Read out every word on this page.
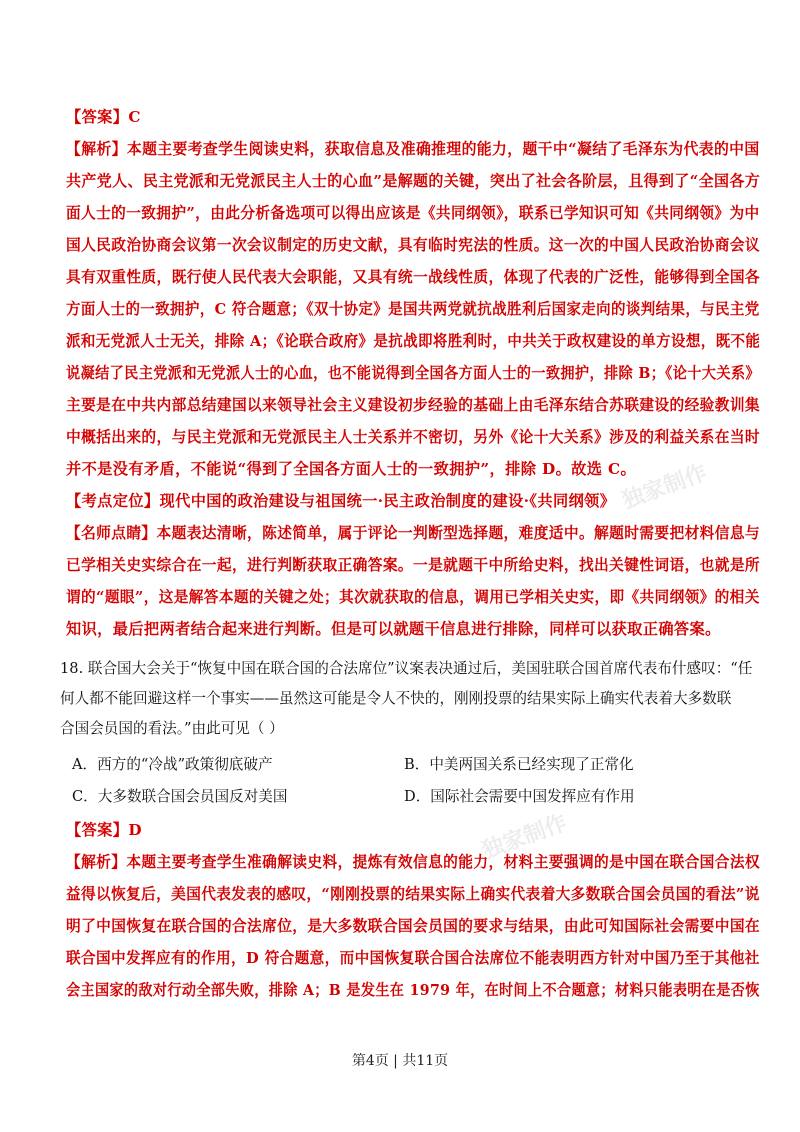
独家制作
独家制作
【答案】C
【解析】本题主要考查学生阅读史料，获取信息及准确推理的能力，题干中“凝结了毛泽东为代表的中国
共产党人、民主党派和无党派民主人士的心血”是解题的关键，突出了社会各阶层，且得到了“全国各方
面人士的一致拥护”，由此分析备选项可以得出应该是《共同纲领》，联系已学知识可知《共同纲领》为中
国人民政治协商会议第一次会议制定的历史文献，具有临时宪法的性质。这一次的中国人民政治协商会议
具有双重性质，既行使人民代表大会职能，又具有统一战线性质，体现了代表的广泛性，能够得到全国各
方面人士的一致拥护，C 符合题意；《双十协定》是国共两党就抗战胜利后国家走向的谈判结果，与民主党
派和无党派人士无关，排除 A；《论联合政府》是抗战即将胜利时，中共关于政权建设的单方设想，既不能
说凝结了民主党派和无党派人士的心血，也不能说得到全国各方面人士的一致拥护，排除 B；《论十大关系》
主要是在中共内部总结建国以来领导社会主义建设初步经验的基础上由毛泽东结合苏联建设的经验教训集
中概括出来的，与民主党派和无党派民主人士关系并不密切，另外《论十大关系》涉及的利益关系在当时
并不是没有矛盾，不能说“得到了全国各方面人士的一致拥护”，排除 D。故选 C。
【考点定位】现代中国的政治建设与祖国统一·民主政治制度的建设·《共同纲领》
【名师点睛】本题表达清晰，陈述简单，属于评论一判断型选择题，难度适中。解题时需要把材料信息与
已学相关史实综合在一起，进行判断获取正确答案。一是就题干中所给史料，找出关键性词语，也就是所
谓的“题眼”，这是解答本题的关键之处；其次就获取的信息，调用已学相关史实，即《共同纲领》的相关
知识，最后把两者结合起来进行判断。但是可以就题干信息进行排除，同样可以获取正确答案。
18. 联合国大会关于“恢复中国在联合国的合法席位”议案表决通过后，美国驻联合国首席代表布什感叹：“任
何人都不能回避这样一个事实——虽然这可能是令人不快的，刚刚投票的结果实际上确实代表着大多数联
合国会员国的看法。”由此可见（ ）
A．西方的“冷战”政策彻底破产	B．中美两国关系已经实现了正常化
C．大多数联合国会员国反对美国	D．国际社会需要中国发挥应有作用
【答案】D
【解析】本题主要考查学生准确解读史料，提炼有效信息的能力，材料主要强调的是中国在联合国合法权
益得以恢复后，美国代表发表的感叹，“刚刚投票的结果实际上确实代表着大多数联合国会员国的看法”说
明了中国恢复在联合国的合法席位，是大多数联合国会员国的要求与结果，由此可知国际社会需要中国在
联合国中发挥应有的作用，D 符合题意，而中国恢复联合国合法席位不能表明西方针对中国乃至于其他社
会主国家的敌对行动全部失败，排除 A；B 是发生在 1979 年，在时间上不合题意；材料只能表明在是否恢
第4页 | 共11页
